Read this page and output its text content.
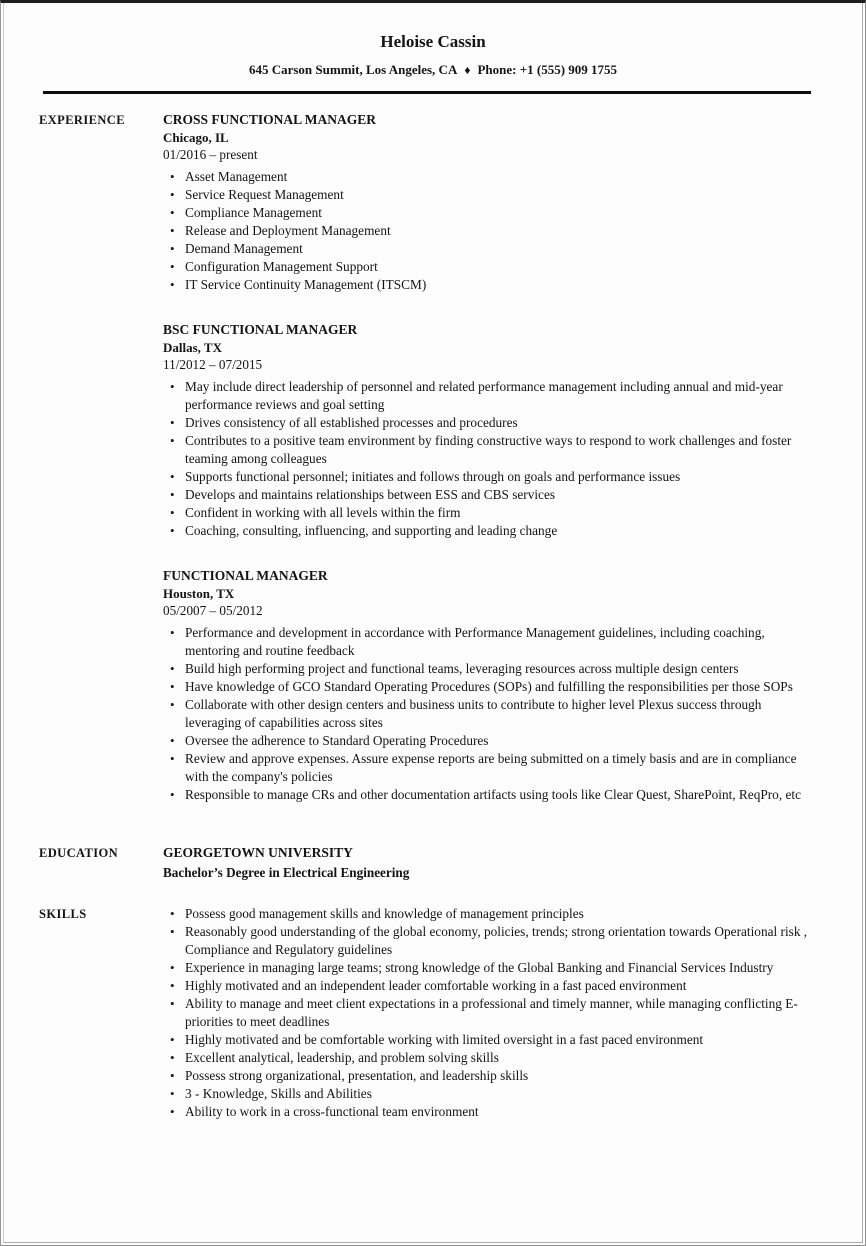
Heloise Cassin
645 Carson Summit, Los Angeles, CA ♦ Phone: +1 (555) 909 1755
EXPERIENCE	CROSS FUNCTIONAL MANAGER
Chicago, IL
01/2016 – present
• Asset Management
• Service Request Management
• Compliance Management
• Release and Deployment Management
• Demand Management
• Configuration Management Support
• IT Service Continuity Management (ITSCM)
BSC FUNCTIONAL MANAGER
Dallas, TX
11/2012 – 07/2015
• May include direct leadership of personnel and related performance management including annual and mid-year performance reviews and goal setting
• Drives consistency of all established processes and procedures
• Contributes to a positive team environment by finding constructive ways to respond to work challenges and foster teaming among colleagues
• Supports functional personnel; initiates and follows through on goals and performance issues
• Develops and maintains relationships between ESS and CBS services
• Confident in working with all levels within the firm
• Coaching, consulting, influencing, and supporting and leading change
FUNCTIONAL MANAGER
Houston, TX
05/2007 – 05/2012
• Performance and development in accordance with Performance Management guidelines, including coaching, mentoring and routine feedback
• Build high performing project and functional teams, leveraging resources across multiple design centers
• Have knowledge of GCO Standard Operating Procedures (SOPs) and fulfilling the responsibilities per those SOPs
• Collaborate with other design centers and business units to contribute to higher level Plexus success through leveraging of capabilities across sites
• Oversee the adherence to Standard Operating Procedures
• Review and approve expenses. Assure expense reports are being submitted on a timely basis and are in compliance with the company's policies
• Responsible to manage CRs and other documentation artifacts using tools like Clear Quest, SharePoint, ReqPro, etc
EDUCATION	GEORGETOWN UNIVERSITY
Bachelor’s Degree in Electrical Engineering
SKILLS	• Possess good management skills and knowledge of management principles
• Reasonably good understanding of the global economy, policies, trends; strong orientation towards Operational risk , Compliance and Regulatory guidelines
• Experience in managing large teams; strong knowledge of the Global Banking and Financial Services Industry
• Highly motivated and an independent leader comfortable working in a fast paced environment
• Ability to manage and meet client expectations in a professional and timely manner, while managing conflicting E- priorities to meet deadlines
• Highly motivated and be comfortable working with limited oversight in a fast paced environment
• Excellent analytical, leadership, and problem solving skills
• Possess strong organizational, presentation, and leadership skills
• 3 - Knowledge, Skills and Abilities
• Ability to work in a cross-functional team environment
